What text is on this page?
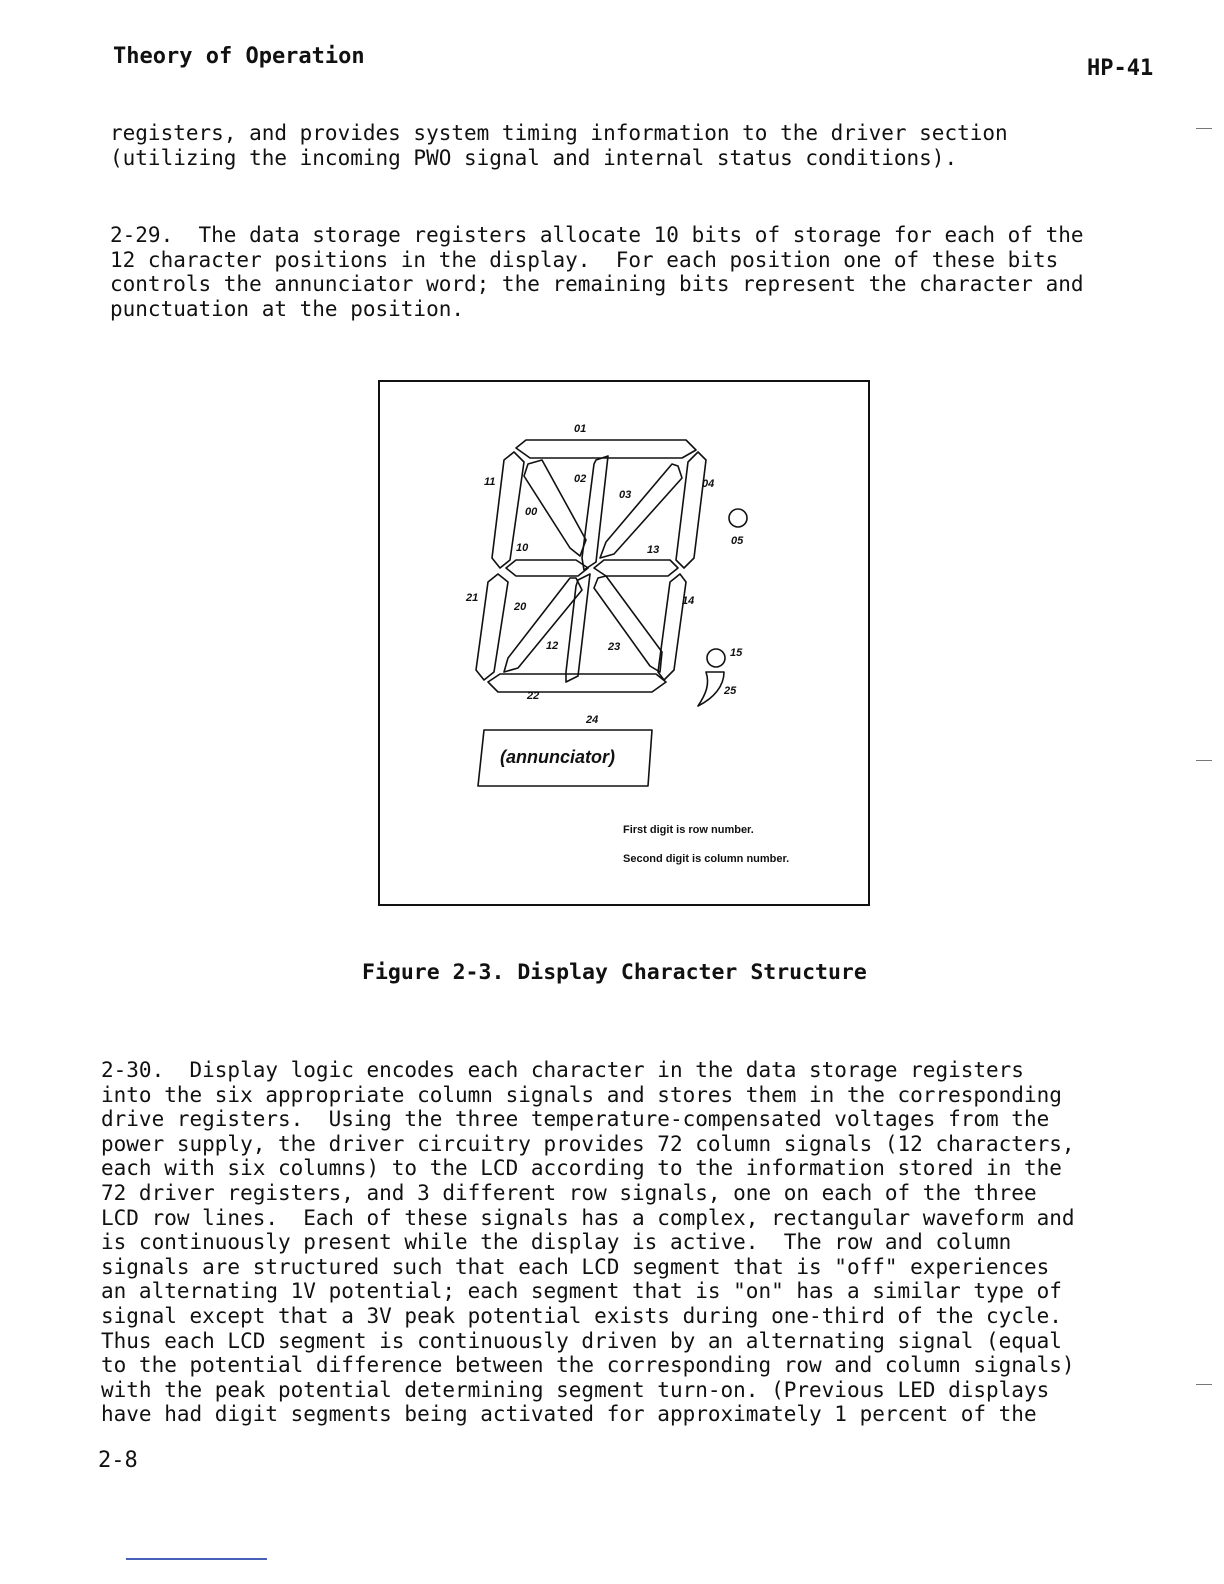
Theory of Operation	HP-41
registers, and provides system timing information to the driver section
(utilizing the incoming PWO signal and internal status conditions).
2-29.  The data storage registers allocate 10 bits of storage for each of the
12 character positions in the display.  For each position one of these bits
controls the annunciator word; the remaining bits represent the character and
punctuation at the position.
01
11	02
03
04
00
05
10	13
21
20	14
12	23	15
22	25
24
(annunciator)
First digit is row number.
Second digit is column number.
Figure 2-3. Display Character Structure
2-30.  Display logic encodes each character in the data storage registers
into the six appropriate column signals and stores them in the corresponding
drive registers.  Using the three temperature-compensated voltages from the
power supply, the driver circuitry provides 72 column signals (12 characters,
each with six columns) to the LCD according to the information stored in the
72 driver registers, and 3 different row signals, one on each of the three
LCD row lines.  Each of these signals has a complex, rectangular waveform and
is continuously present while the display is active.  The row and column
signals are structured such that each LCD segment that is "off" experiences
an alternating 1V potential; each segment that is "on" has a similar type of
signal except that a 3V peak potential exists during one-third of the cycle.
Thus each LCD segment is continuously driven by an alternating signal (equal
to the potential difference between the corresponding row and column signals)
with the peak potential determining segment turn-on. (Previous LED displays
have had digit segments being activated for approximately 1 percent of the
2-8
